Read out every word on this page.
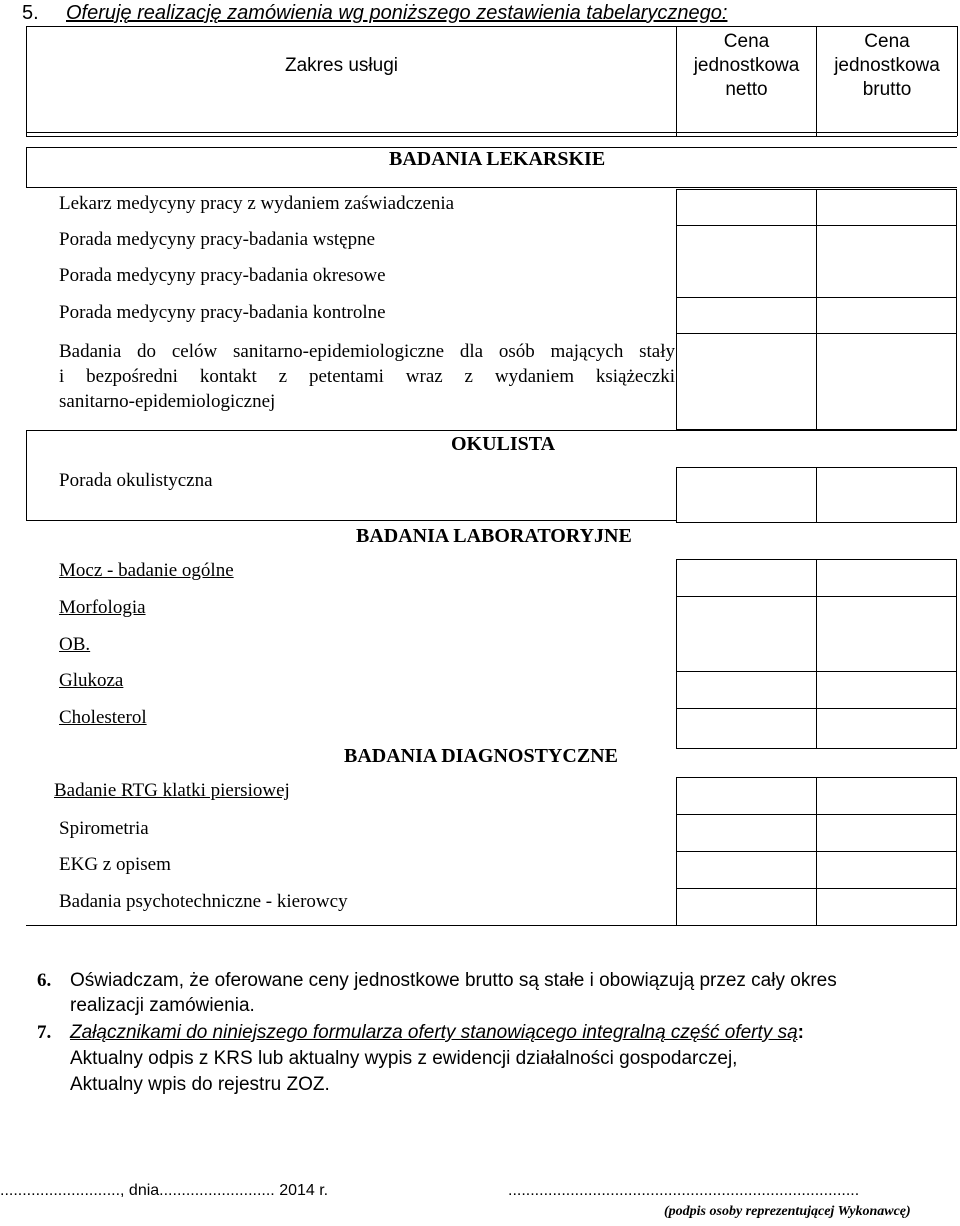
5. Oferuję realizację zamówienia wg poniższego zestawienia tabelarycznego:
Zakres usługi
Cena
jednostkowa
netto
Cena
jednostkowa
brutto
BADANIA LEKARSKIE
Lekarz medycyny pracy z wydaniem zaświadczenia
Porada medycyny pracy-badania wstępne
Porada medycyny pracy-badania okresowe
Porada medycyny pracy-badania kontrolne
Badania do celów sanitarno-epidemiologiczne dla osób mających stały
i bezpośredni kontakt z petentami wraz z wydaniem książeczki
sanitarno-epidemiologicznej
OKULISTA
Porada okulistyczna
BADANIA LABORATORYJNE
Mocz - badanie ogólne
Morfologia
OB.
Glukoza
Cholesterol
BADANIA DIAGNOSTYCZNE
Badanie RTG klatki piersiowej
Spirometria
EKG z opisem
Badania psychotechniczne - kierowcy
6. Oświadczam, że oferowane ceny jednostkowe brutto są stałe i obowiązują przez cały okres
realizacji zamówienia.
7. Załącznikami do niniejszego formularza oferty stanowiącego integralną część oferty są:
Aktualny odpis z KRS lub aktualny wypis z ewidencji działalności gospodarczej,
Aktualny wpis do rejestru ZOZ.
..........................., dnia.......................... 2014 r.	...............................................................................
(podpis osoby reprezentującej Wykonawcę)
